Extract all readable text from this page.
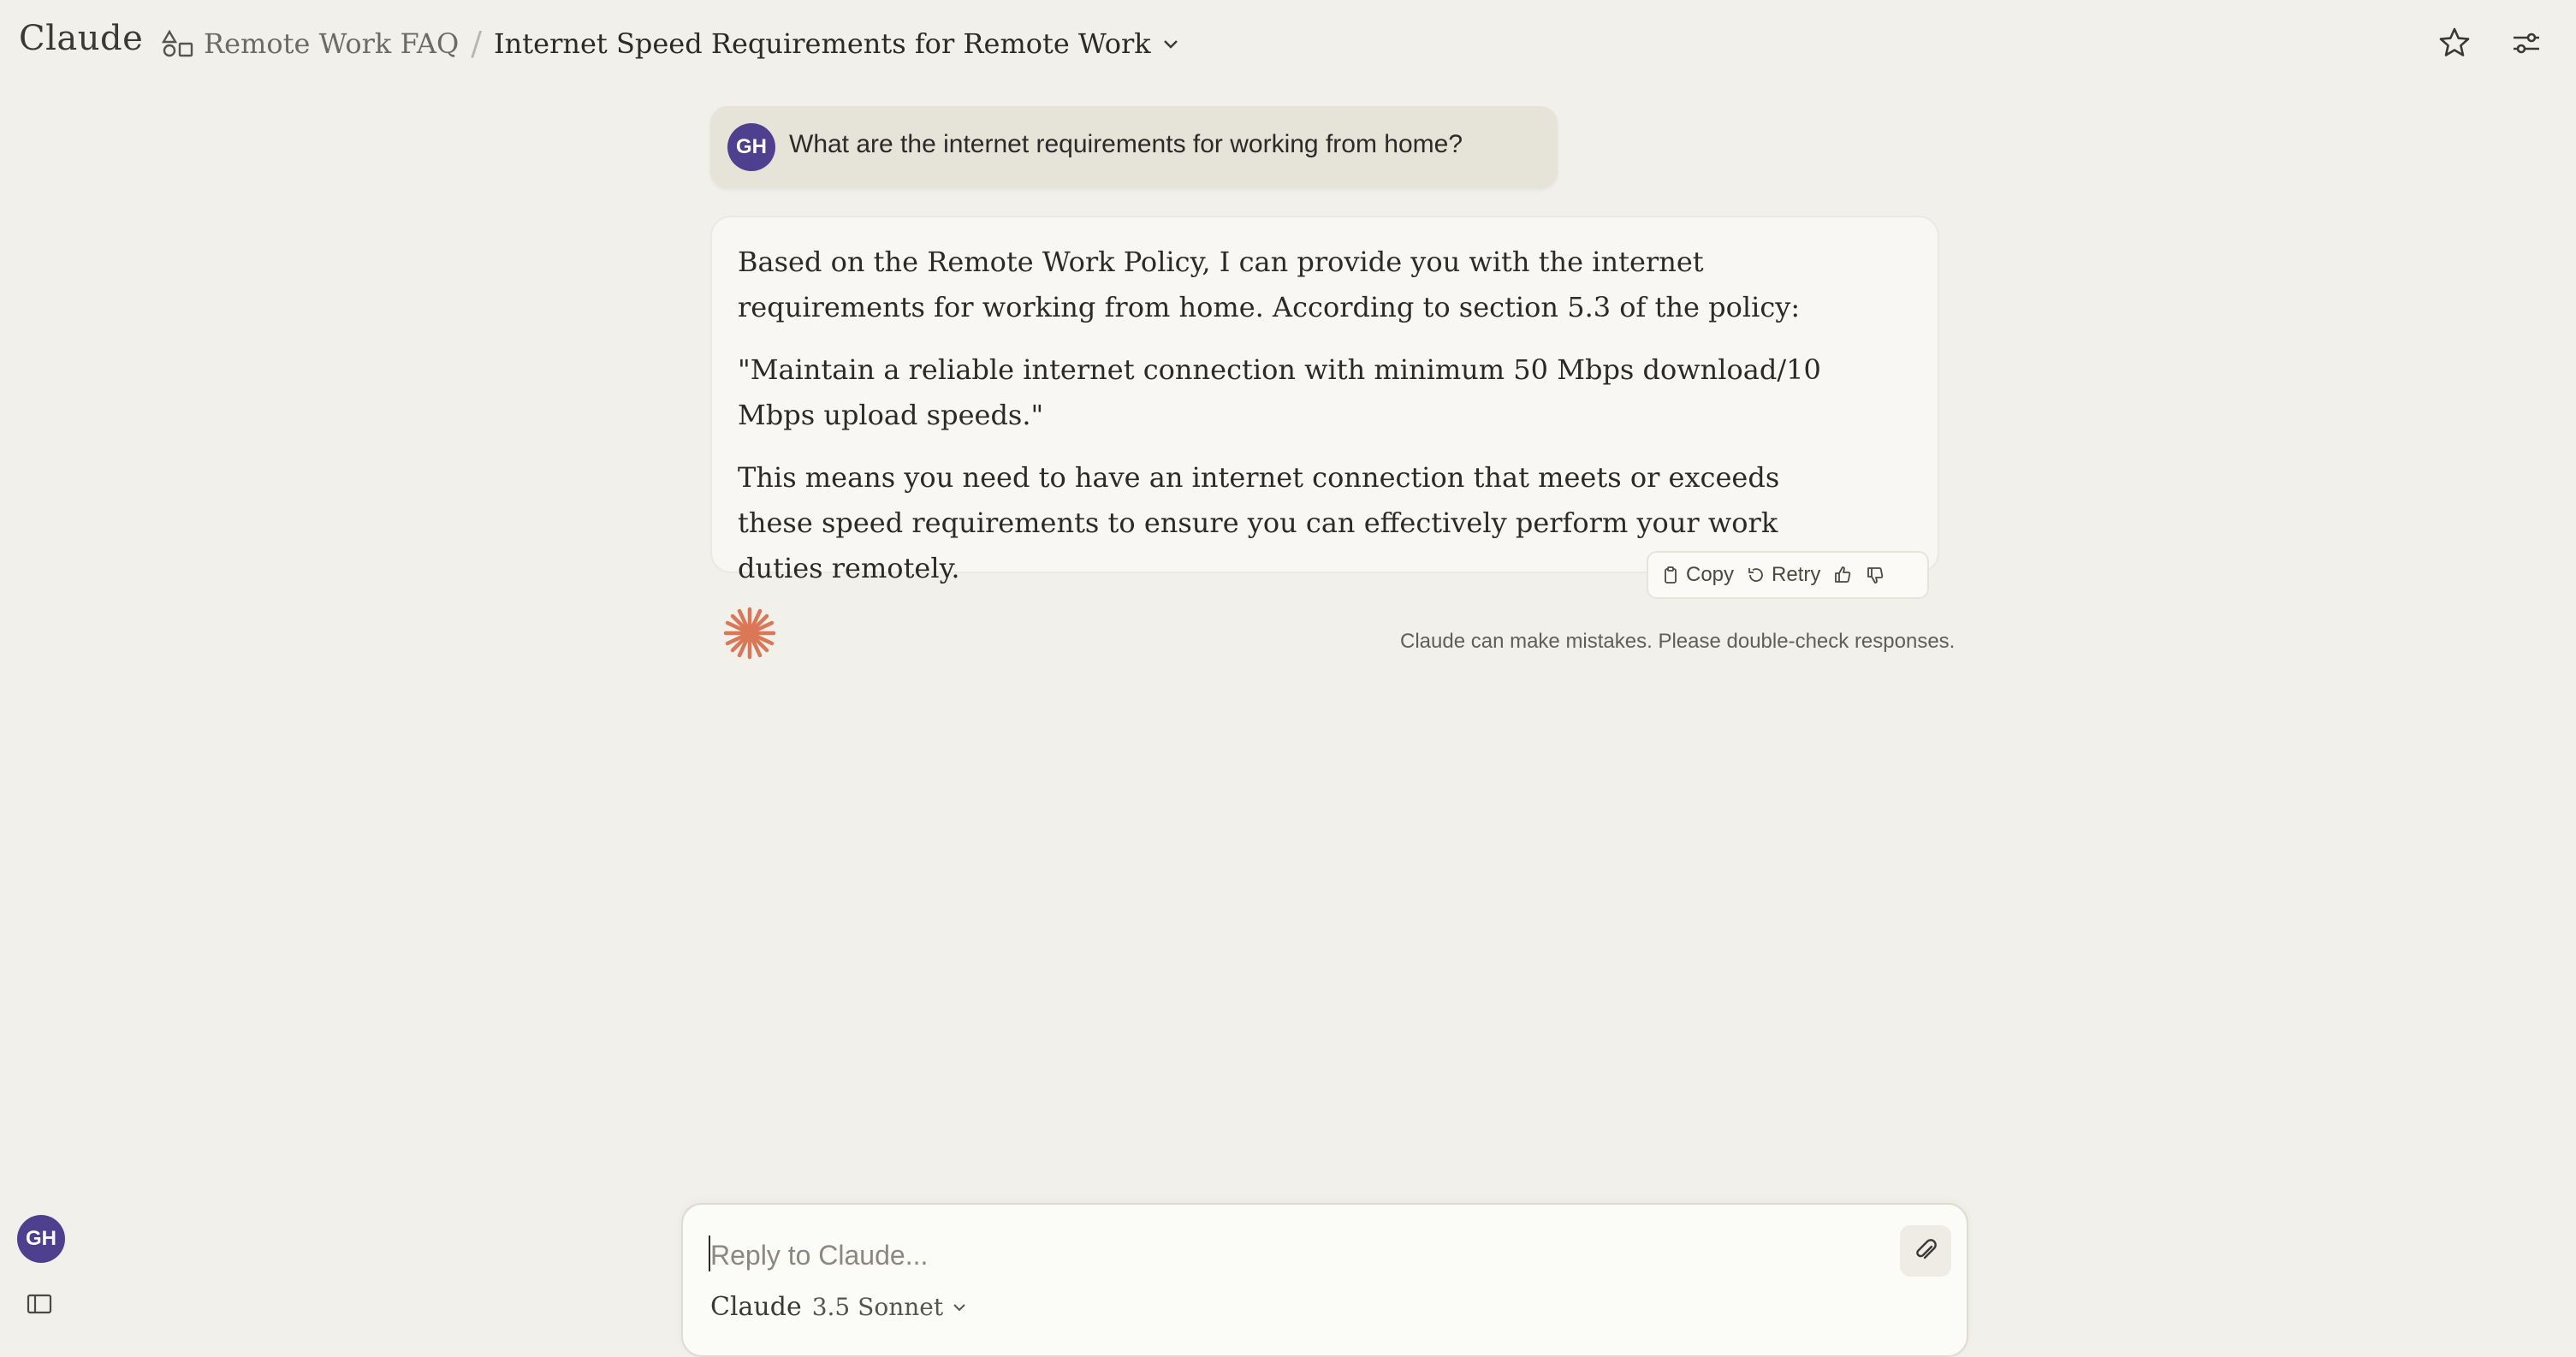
Claude Remote Work FAQ / Internet Speed Requirements for Remote Work
GH What are the internet requirements for working from home?

Based on the Remote Work Policy, I can provide you with the internet requirements for working from home. According to section 5.3 of the policy:

"Maintain a reliable internet connection with minimum 50 Mbps download/10 Mbps upload speeds."

This means you need to have an internet connection that meets or exceeds these speed requirements to ensure you can effectively perform your work duties remotely.	Copy Retry
Claude can make mistakes. Please double-check responses.
GH
Reply to Claude...
Claude 3.5 Sonnet
